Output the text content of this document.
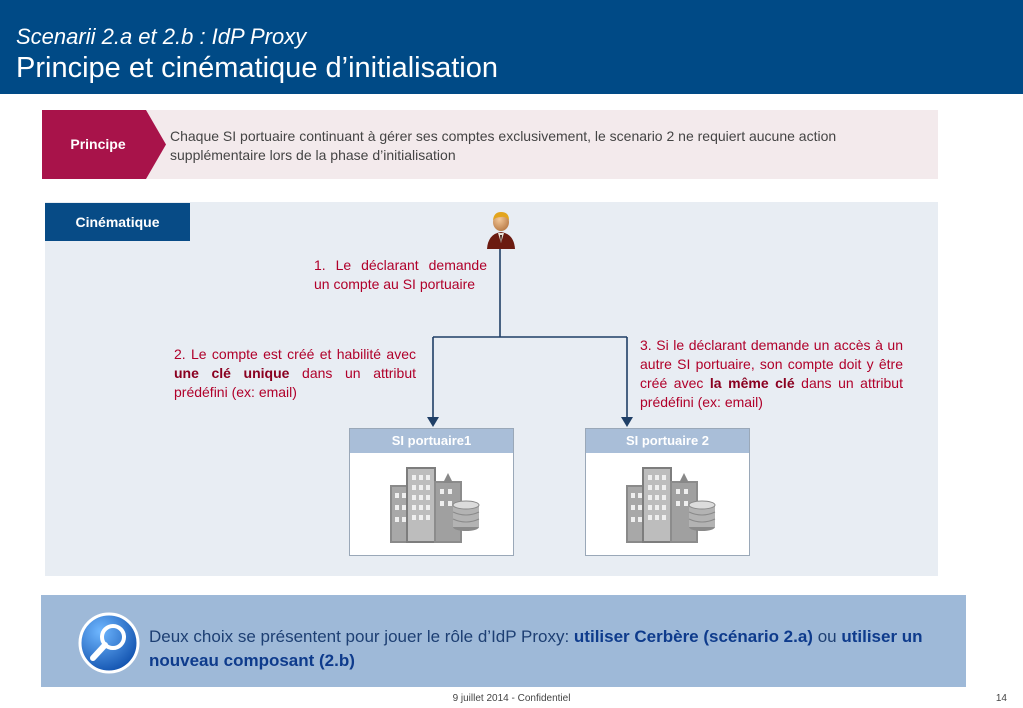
Scenarii 2.a et 2.b : IdP Proxy
Principe et cinématique d’initialisation
Principe	Chaque SI portuaire continuant à gérer ses comptes exclusivement, le scenario 2 ne requiert aucune action supplémentaire lors de la phase d’initialisation
Cinématique
1. Le déclarant demande un compte au SI portuaire
2. Le compte est créé et habilité avec une clé unique dans un attribut prédéfini (ex: email)
3. Si le déclarant demande un accès à un autre SI portuaire, son compte doit y être créé avec la même clé dans un attribut prédéfini (ex: email)
SI portuaire1	SI portuaire 2
Deux choix se présentent pour jouer le rôle d’IdP Proxy: utiliser Cerbère (scénario 2.a) ou utiliser un nouveau composant (2.b)
9 juillet 2014 - Confidentiel	14
